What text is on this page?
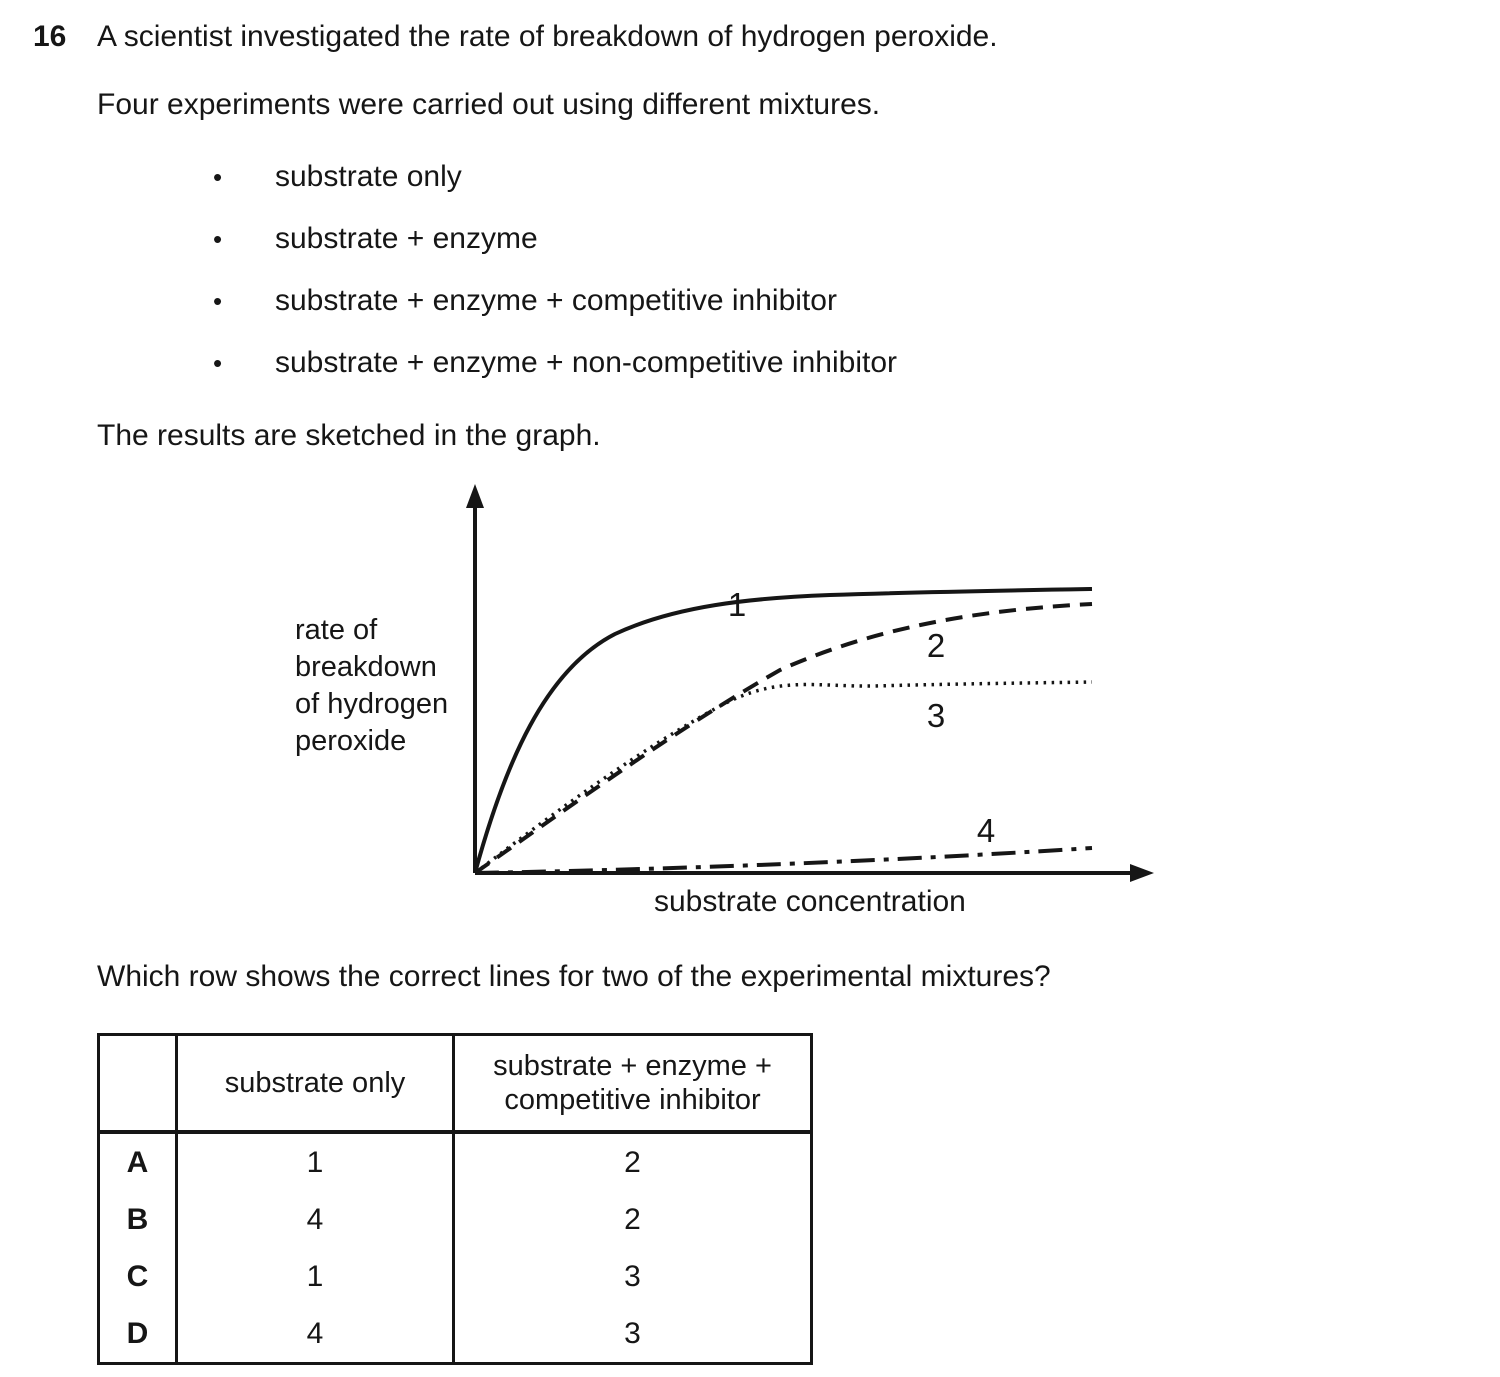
16 A scientist investigated the rate of breakdown of hydrogen peroxide.
Four experiments were carried out using different mixtures.
•	substrate only
•	substrate + enzyme
•	substrate + enzyme + competitive inhibitor
•	substrate + enzyme + non-competitive inhibitor
The results are sketched in the graph.
rate of
breakdown
of hydrogen
peroxide
1
2
3
4
substrate concentration
Which row shows the correct lines for two of the experimental mixtures?
	substrate only	substrate + enzyme +
competitive inhibitor

A	1	2
B	4	2
C	1	3
D	4	3
